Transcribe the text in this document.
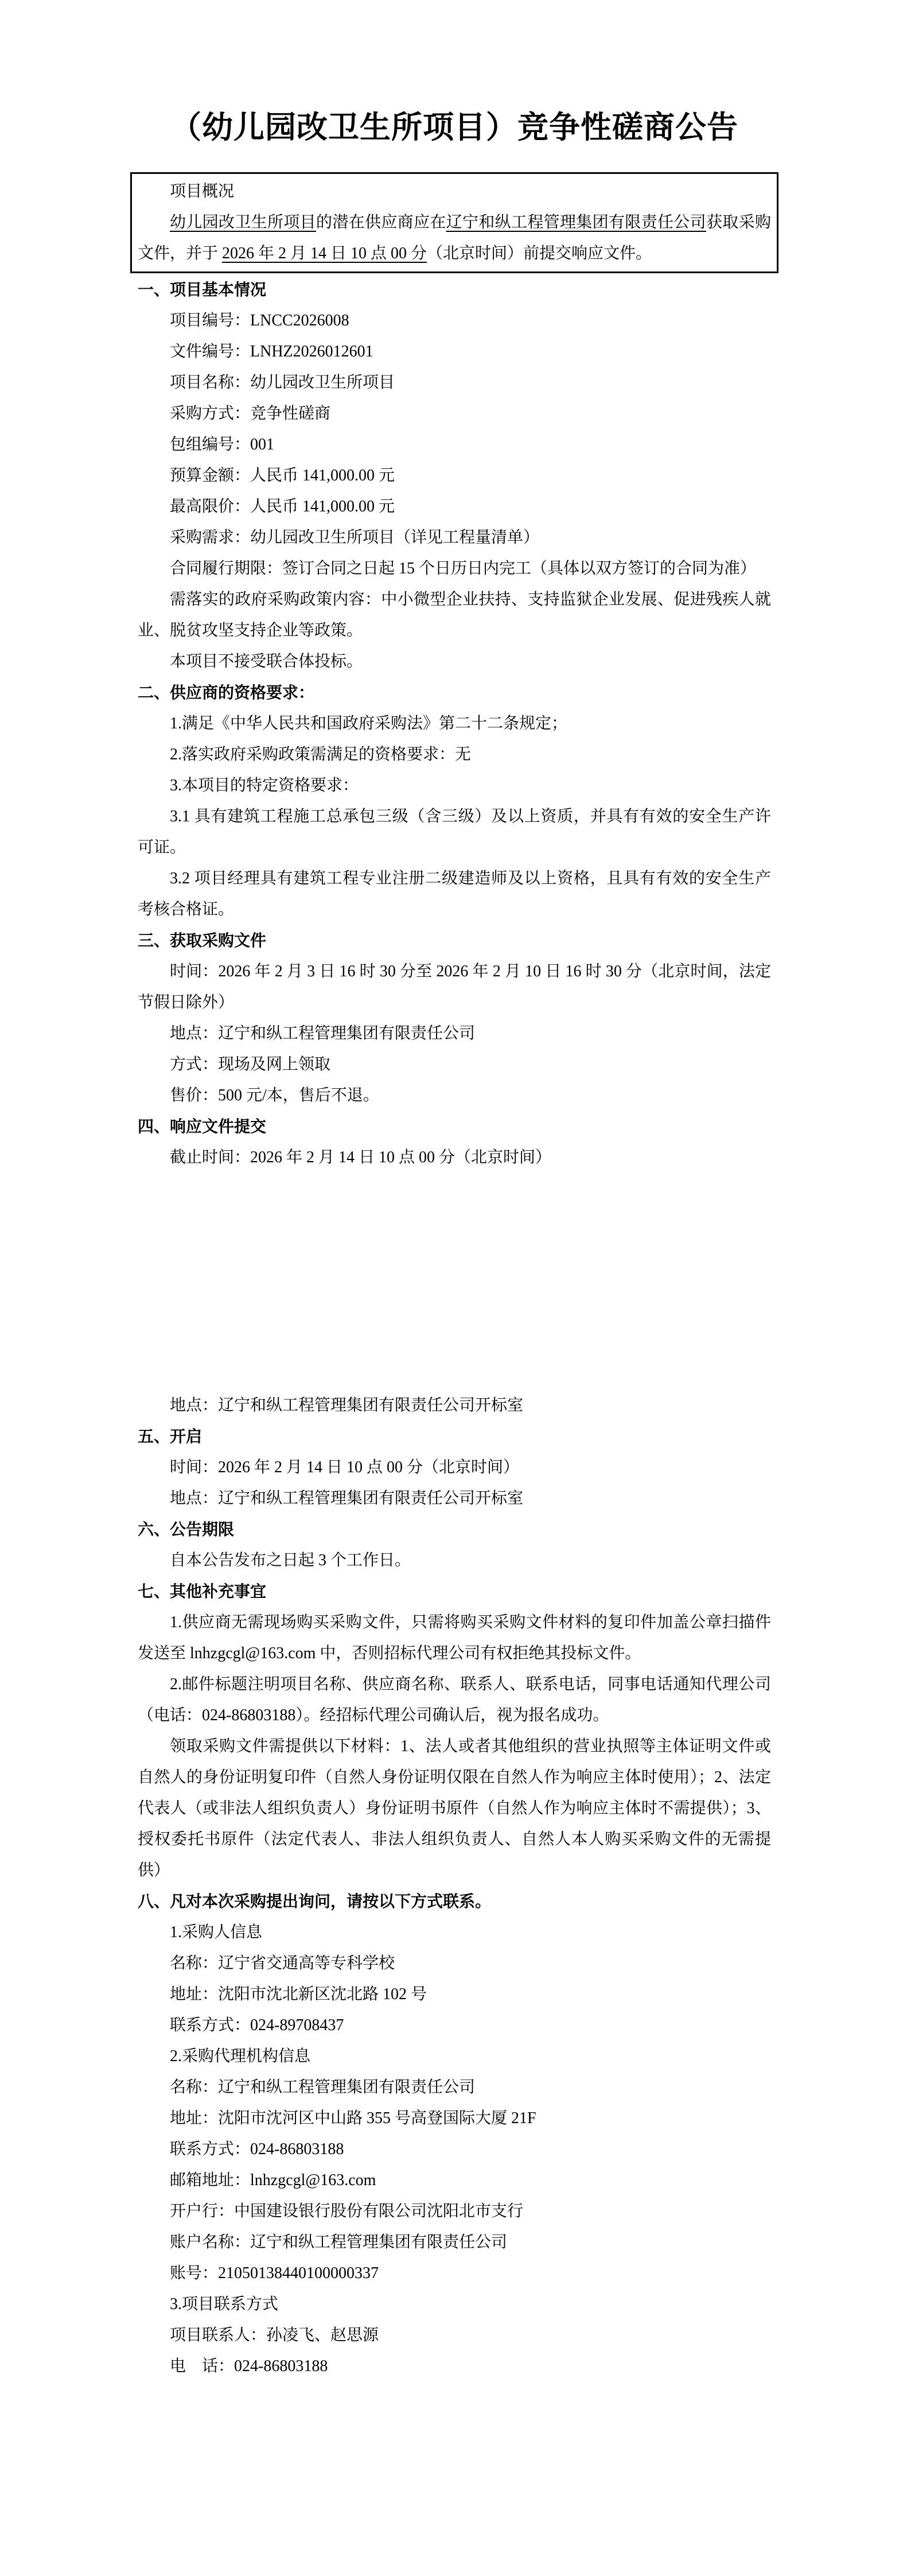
（幼儿园改卫生所项目）竞争性磋商公告

项目概况

幼儿园改卫生所项目的潜在供应商应在辽宁和纵工程管理集团有限责任公司获取采购文件，并于 2026 年 2 月 14 日 10 点 00 分（北京时间）前提交响应文件。

一、项目基本情况

项目编号：LNCC2026008

文件编号：LNHZ2026012601

项目名称：幼儿园改卫生所项目

采购方式：竞争性磋商

包组编号：001

预算金额：人民币 141,000.00 元

最高限价：人民币 141,000.00 元

采购需求：幼儿园改卫生所项目（详见工程量清单）

合同履行期限：签订合同之日起 15 个日历日内完工（具体以双方签订的合同为准）

需落实的政府采购政策内容：中小微型企业扶持、支持监狱企业发展、促进残疾人就业、脱贫攻坚支持企业等政策。

本项目不接受联合体投标。

二、供应商的资格要求：

1.满足《中华人民共和国政府采购法》第二十二条规定；

2.落实政府采购政策需满足的资格要求：无

3.本项目的特定资格要求：

3.1 具有建筑工程施工总承包三级（含三级）及以上资质，并具有有效的安全生产许可证。

3.2 项目经理具有建筑工程专业注册二级建造师及以上资格，且具有有效的安全生产考核合格证。

三、获取采购文件

时间：2026 年 2 月 3 日 16 时 30 分至 2026 年 2 月 10 日 16 时 30 分（北京时间，法定节假日除外）

地点：辽宁和纵工程管理集团有限责任公司

方式：现场及网上领取

售价：500 元/本，售后不退。

四、响应文件提交

截止时间：2026 年 2 月 14 日 10 点 00 分（北京时间）

地点：辽宁和纵工程管理集团有限责任公司开标室

五、开启

时间：2026 年 2 月 14 日 10 点 00 分（北京时间）

地点：辽宁和纵工程管理集团有限责任公司开标室

六、公告期限

自本公告发布之日起 3 个工作日。

七、其他补充事宜

1.供应商无需现场购买采购文件，只需将购买采购文件材料的复印件加盖公章扫描件发送至 lnhzgcgl@163.com 中，否则招标代理公司有权拒绝其投标文件。

2.邮件标题注明项目名称、供应商名称、联系人、联系电话，同事电话通知代理公司（电话：024-86803188）。经招标代理公司确认后，视为报名成功。

领取采购文件需提供以下材料：1、法人或者其他组织的营业执照等主体证明文件或自然人的身份证明复印件（自然人身份证明仅限在自然人作为响应主体时使用）；2、法定代表人（或非法人组织负责人）身份证明书原件（自然人作为响应主体时不需提供）；3、授权委托书原件（法定代表人、非法人组织负责人、自然人本人购买采购文件的无需提供）

八、凡对本次采购提出询问，请按以下方式联系。

1.采购人信息

名称：辽宁省交通高等专科学校

地址：沈阳市沈北新区沈北路 102 号

联系方式：024-89708437

2.采购代理机构信息

名称：辽宁和纵工程管理集团有限责任公司

地址：沈阳市沈河区中山路 355 号高登国际大厦 21F

联系方式：024-86803188

邮箱地址：lnhzgcgl@163.com

开户行：中国建设银行股份有限公司沈阳北市支行

账户名称：辽宁和纵工程管理集团有限责任公司

账号：21050138440100000337

3.项目联系方式

项目联系人：孙凌飞、赵思源

电　话：024-86803188
